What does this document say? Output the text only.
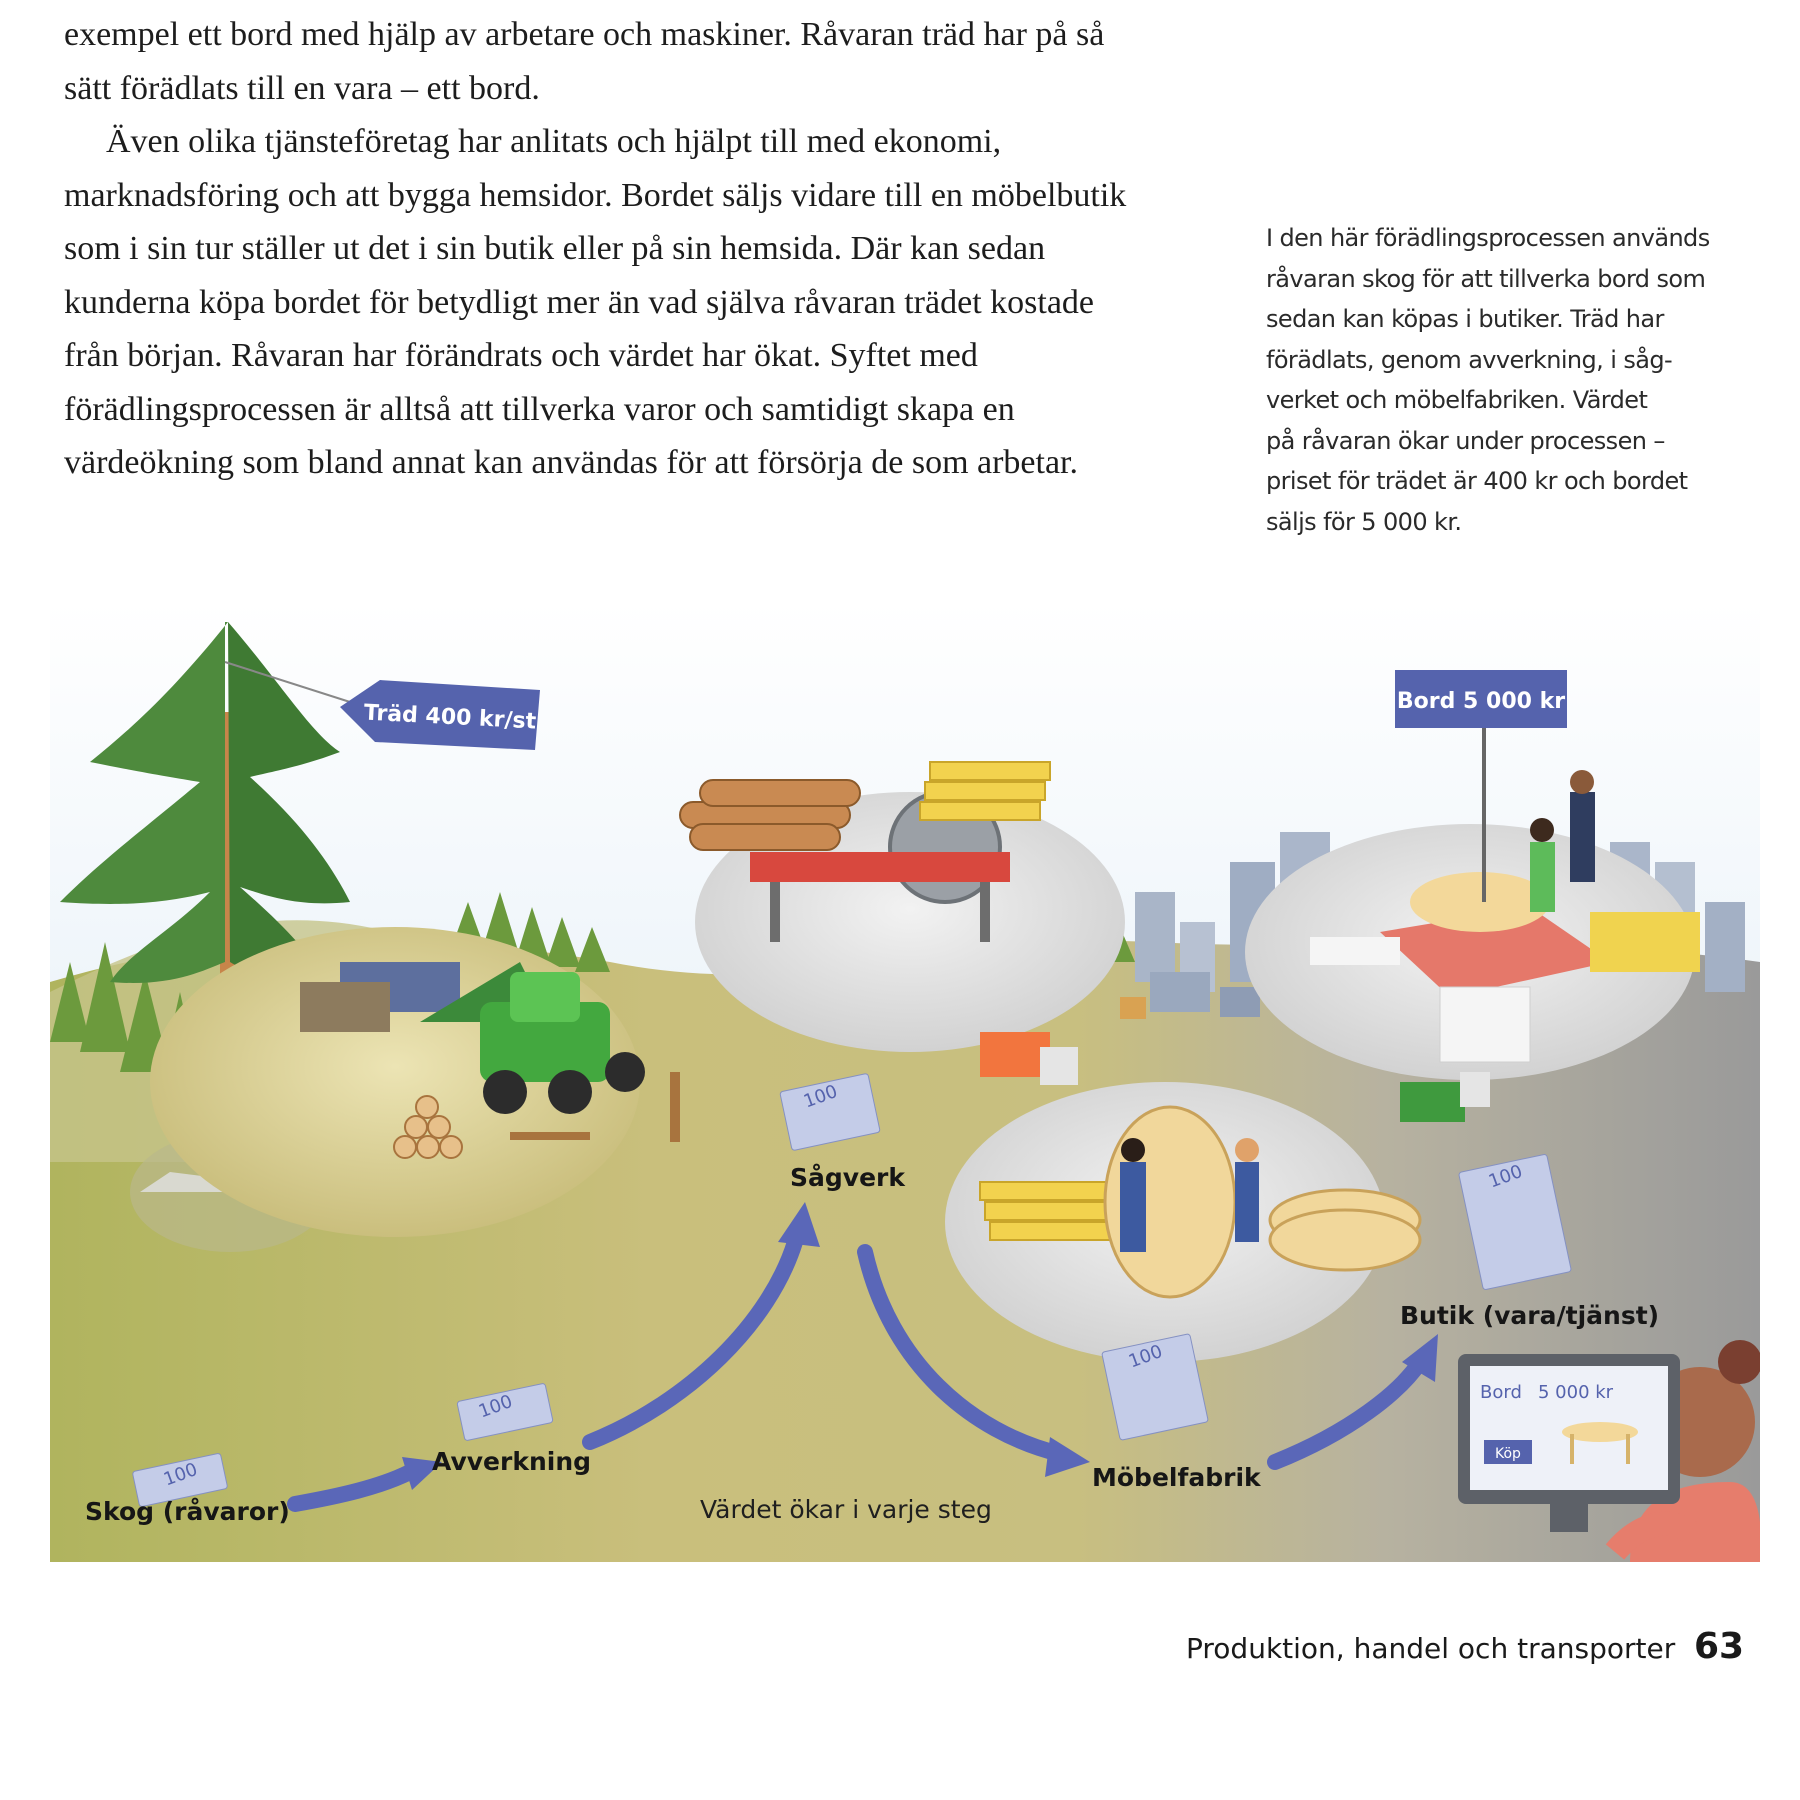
exempel ett bord med hjälp av arbetare och maskiner. Råvaran träd har på så sätt förädlats till en vara – ett bord.

Även olika tjänsteföretag har anlitats och hjälpt till med ekonomi, marknadsföring och att bygga hemsidor. Bordet säljs vidare till en möbelbutik som i sin tur ställer ut det i sin butik eller på sin hemsida. Där kan sedan kunderna köpa bordet för betydligt mer än vad själva råvaran trädet kostade från början. Råvaran har förändrats och värdet har ökat. Syftet med förädlingsprocessen är alltså att tillverka varor och samtidigt skapa en värdeökning som bland annat kan användas för att försörja de som arbetar.

I den här förädlingsprocessen används
råvaran skog för att tillverka bord som
sedan kan köpas i butiker. Träd har
förädlats, genom avverkning, i såg-
verket och möbelfabriken. Värdet
på råvaran ökar under processen –
priset för trädet är 400 kr och bordet
säljs för 5 000 kr.
Träd 400 kr/st	Bord 5 000 kr
100
100
100
100
100
Skog (råvaror)
Avverkning
Sågverk
Möbelfabrik
Butik (vara/tjänst)
Värdet ökar i varje steg
Bord 5 000 kr
Köp
Produktion, handel och transporter 63
